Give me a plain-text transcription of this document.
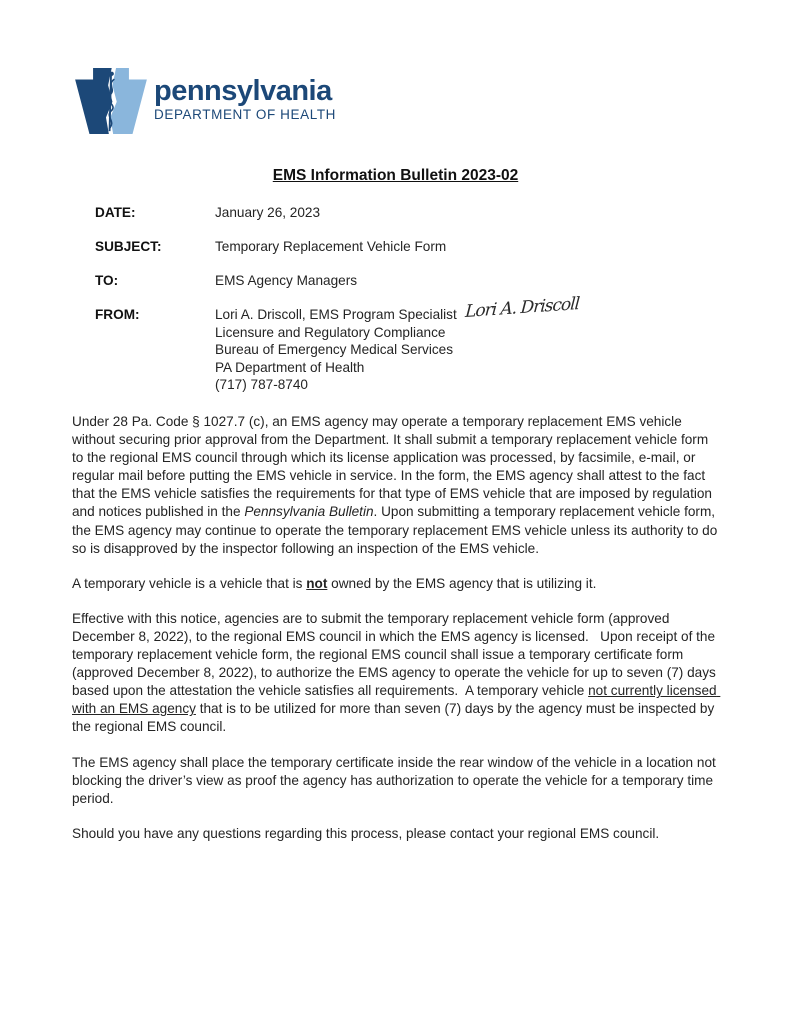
pennsylvania
DEPARTMENT OF HEALTH
EMS Information Bulletin 2023-02
DATE:	January 26, 2023
SUBJECT:	Temporary Replacement Vehicle Form
TO:	EMS Agency Managers
FROM:	Lori A. Driscoll, EMS Program Specialist
Licensure and Regulatory Compliance
Bureau of Emergency Medical Services
PA Department of Health
(717) 787-8740
Lori A. Driscoll

Under 28 Pa. Code § 1027.7 (c), an EMS agency may operate a temporary replacement EMS vehicle without securing prior approval from the Department. It shall submit a temporary replacement vehicle form to the regional EMS council through which its license application was processed, by facsimile, e-mail, or regular mail before putting the EMS vehicle in service. In the form, the EMS agency shall attest to the fact that the EMS vehicle satisfies the requirements for that type of EMS vehicle that are imposed by regulation and notices published in the Pennsylvania Bulletin. Upon submitting a temporary replacement vehicle form, the EMS agency may continue to operate the temporary replacement EMS vehicle unless its authority to do so is disapproved by the inspector following an inspection of the EMS vehicle.

A temporary vehicle is a vehicle that is not owned by the EMS agency that is utilizing it.

Effective with this notice, agencies are to submit the temporary replacement vehicle form (approved December 8, 2022), to the regional EMS council in which the EMS agency is licensed.   Upon receipt of the temporary replacement vehicle form, the regional EMS council shall issue a temporary certificate form (approved December 8, 2022), to authorize the EMS agency to operate the vehicle for up to seven (7) days based upon the attestation the vehicle satisfies all requirements.  A temporary vehicle not currently licensed with an EMS agency that is to be utilized for more than seven (7) days by the agency must be inspected by the regional EMS council.

The EMS agency shall place the temporary certificate inside the rear window of the vehicle in a location not blocking the driver’s view as proof the agency has authorization to operate the vehicle for a temporary time period.

Should you have any questions regarding this process, please contact your regional EMS council.
